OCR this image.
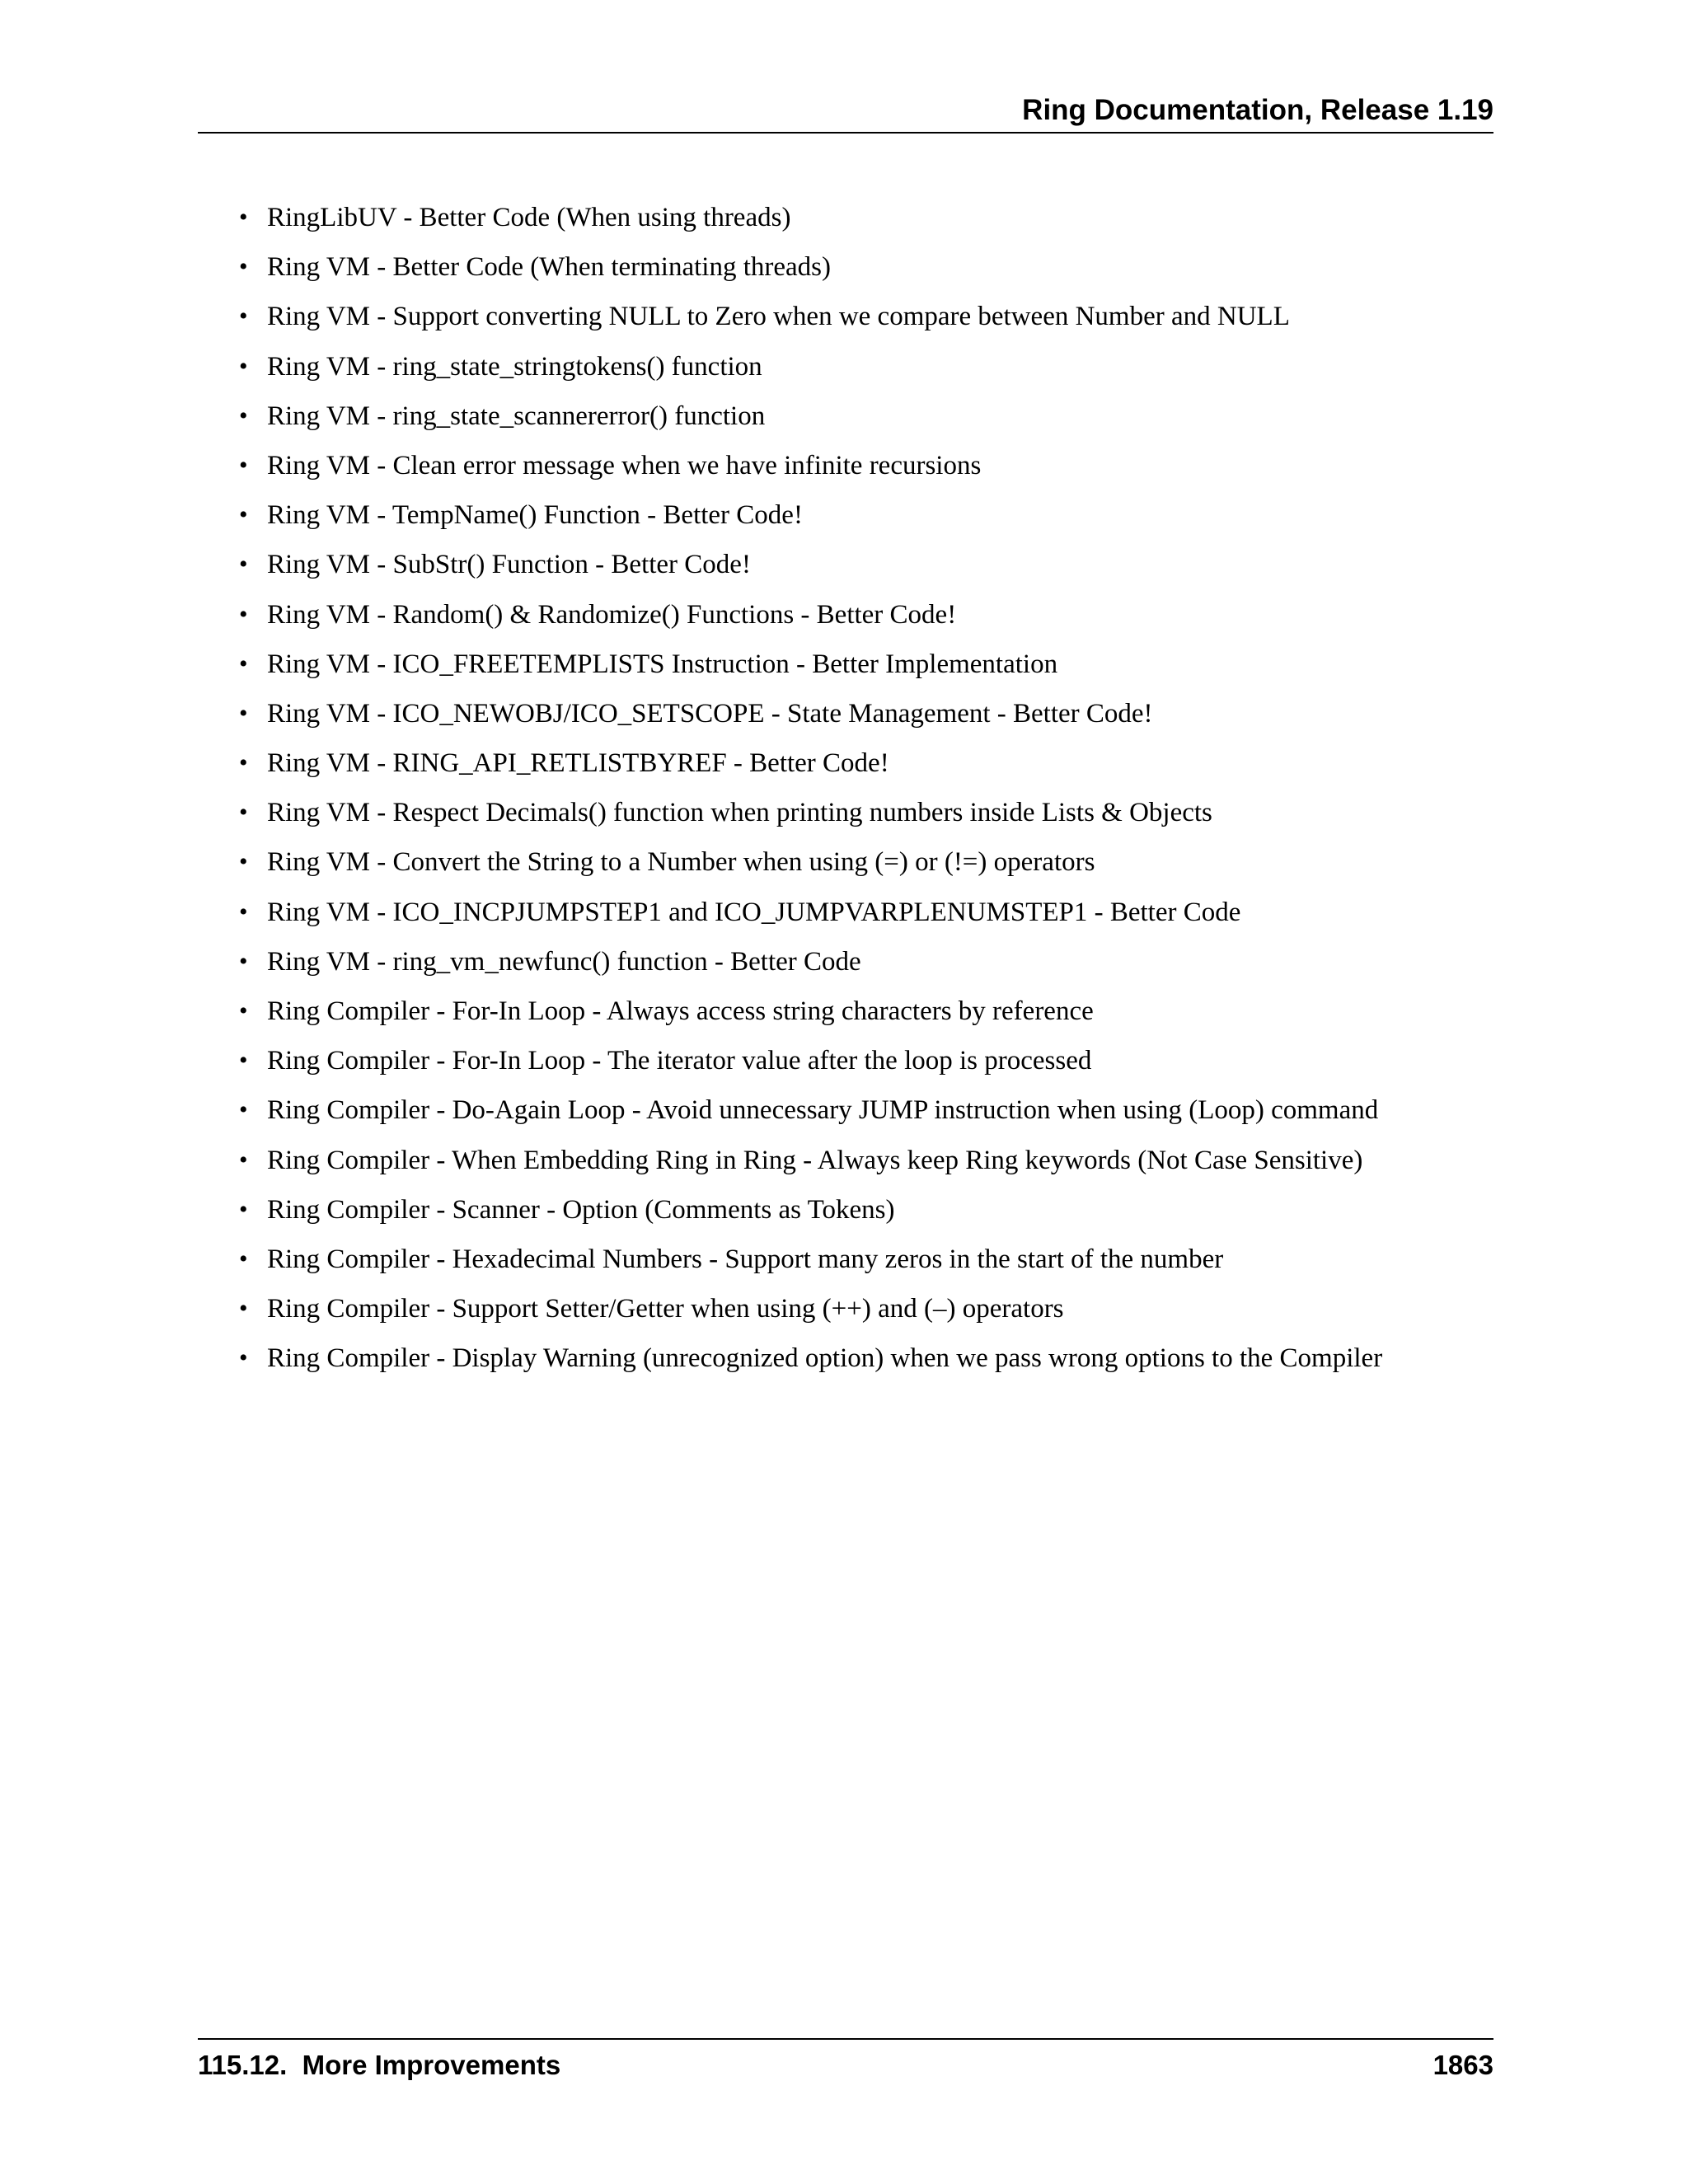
Ring Documentation, Release 1.19
• RingLibUV - Better Code (When using threads)
• Ring VM - Better Code (When terminating threads)
• Ring VM - Support converting NULL to Zero when we compare between Number and NULL
• Ring VM - ring_state_stringtokens() function
• Ring VM - ring_state_scannererror() function
• Ring VM - Clean error message when we have infinite recursions
• Ring VM - TempName() Function - Better Code!
• Ring VM - SubStr() Function - Better Code!
• Ring VM - Random() & Randomize() Functions - Better Code!
• Ring VM - ICO_FREETEMPLISTS Instruction - Better Implementation
• Ring VM - ICO_NEWOBJ/ICO_SETSCOPE - State Management - Better Code!
• Ring VM - RING_API_RETLISTBYREF - Better Code!
• Ring VM - Respect Decimals() function when printing numbers inside Lists & Objects
• Ring VM - Convert the String to a Number when using (=) or (!=) operators
• Ring VM - ICO_INCPJUMPSTEP1 and ICO_JUMPVARPLENUMSTEP1 - Better Code
• Ring VM - ring_vm_newfunc() function - Better Code
• Ring Compiler - For-In Loop - Always access string characters by reference
• Ring Compiler - For-In Loop - The iterator value after the loop is processed
• Ring Compiler - Do-Again Loop - Avoid unnecessary JUMP instruction when using (Loop) command
• Ring Compiler - When Embedding Ring in Ring - Always keep Ring keywords (Not Case Sensitive)
• Ring Compiler - Scanner - Option (Comments as Tokens)
• Ring Compiler - Hexadecimal Numbers - Support many zeros in the start of the number
• Ring Compiler - Support Setter/Getter when using (++) and (–) operators
• Ring Compiler - Display Warning (unrecognized option) when we pass wrong options to the Compiler
115.12.  More Improvements	1863
